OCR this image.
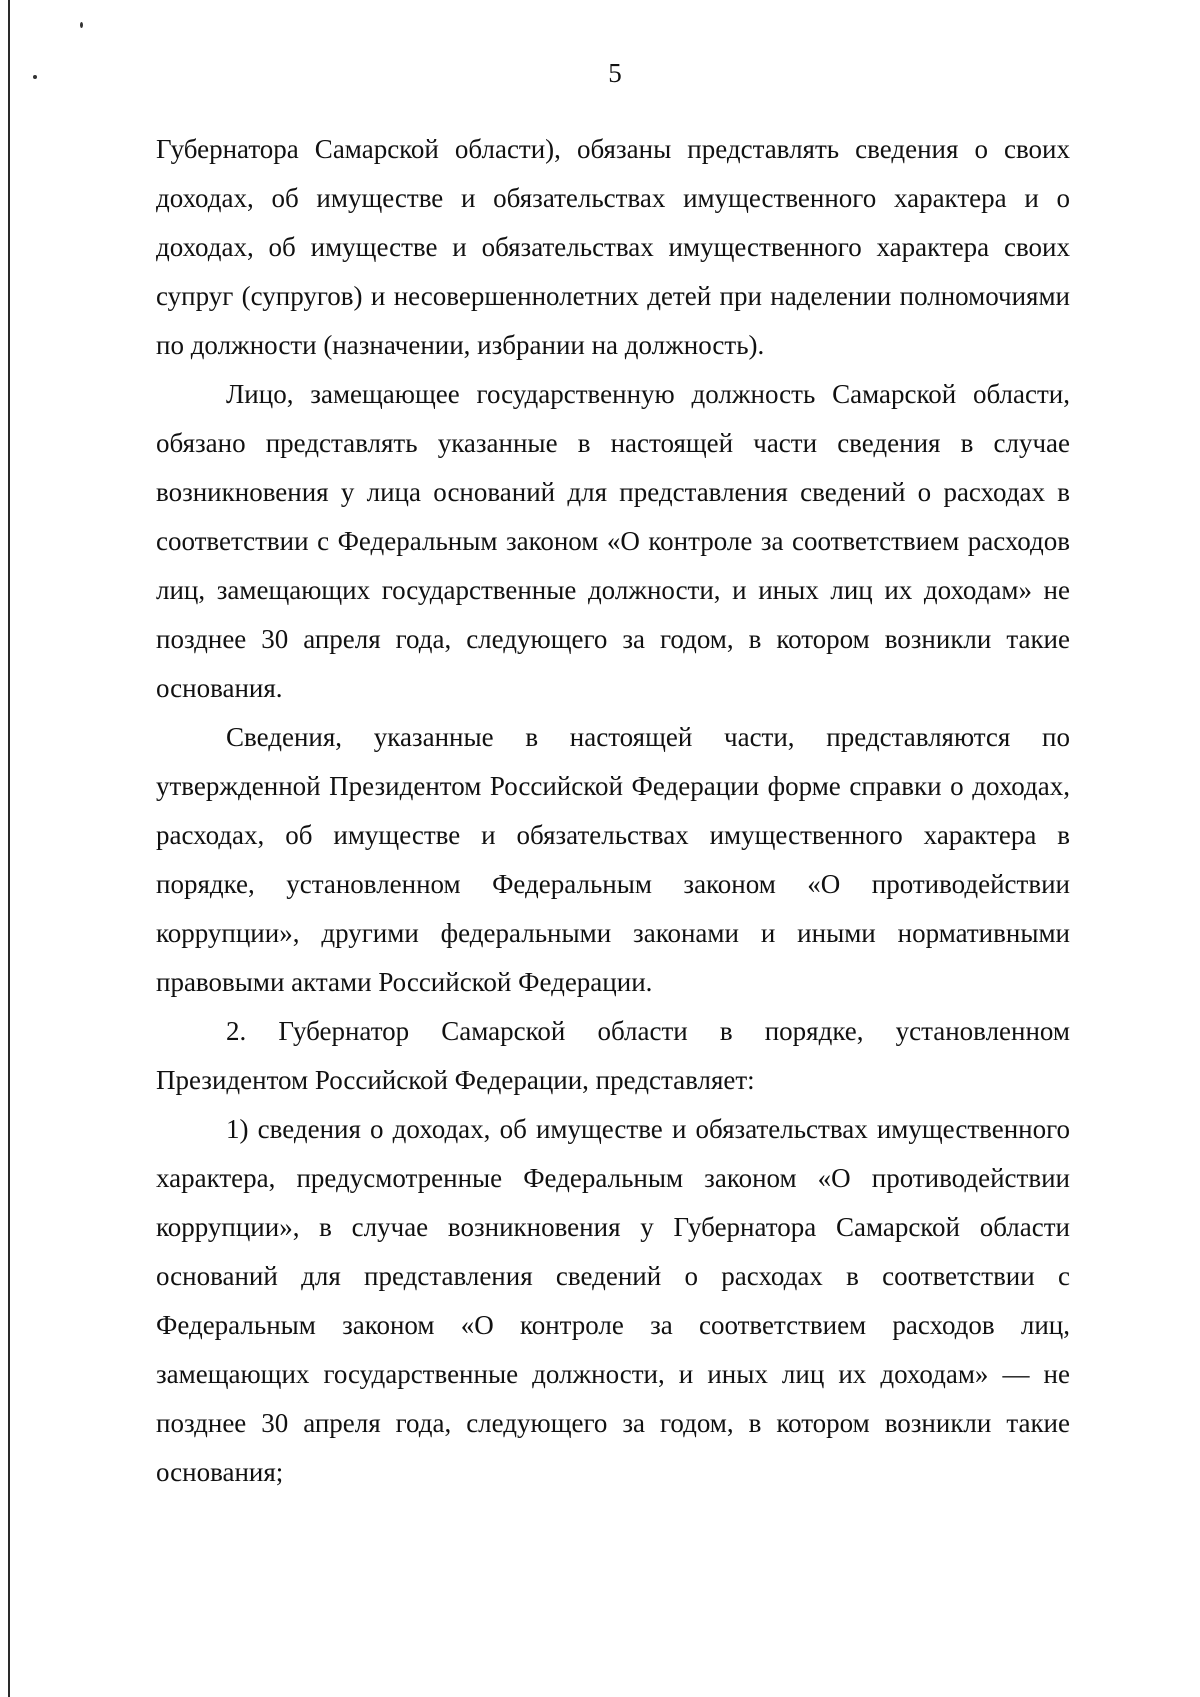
5

Губернатора Самарской области), обязаны представлять сведения о своих доходах, об имуществе и обязательствах имущественного характера и о доходах, об имуществе и обязательствах имущественного характера своих супруг (супругов) и несовершеннолетних детей при наделении полномочиями по должности (назначении, избрании на должность).

Лицо, замещающее государственную должность Самарской области, обязано представлять указанные в настоящей части сведения в случае возникновения у лица оснований для представления сведений о расходах в соответствии с Федеральным законом «О контроле за соответствием расходов лиц, замещающих государственные должности, и иных лиц их доходам» не позднее 30 апреля года, следующего за годом, в котором возникли такие основания.

Сведения, указанные в настоящей части, представляются по утвержденной Президентом Российской Федерации форме справки о доходах, расходах, об имуществе и обязательствах имущественного характера в порядке, установленном Федеральным законом «О противодействии коррупции», другими федеральными законами и иными нормативными правовыми актами Российской Федерации.

2. Губернатор Самарской области в порядке, установленном Президентом Российской Федерации, представляет:

1) сведения о доходах, об имуществе и обязательствах имущественного характера, предусмотренные Федеральным законом «О противодействии коррупции», в случае возникновения у Губернатора Самарской области оснований для представления сведений о расходах в соответствии с Федеральным законом «О контроле за соответствием расходов лиц, замещающих государственные должности, и иных лиц их доходам» — не позднее 30 апреля года, следующего за годом, в котором возникли такие основания;
